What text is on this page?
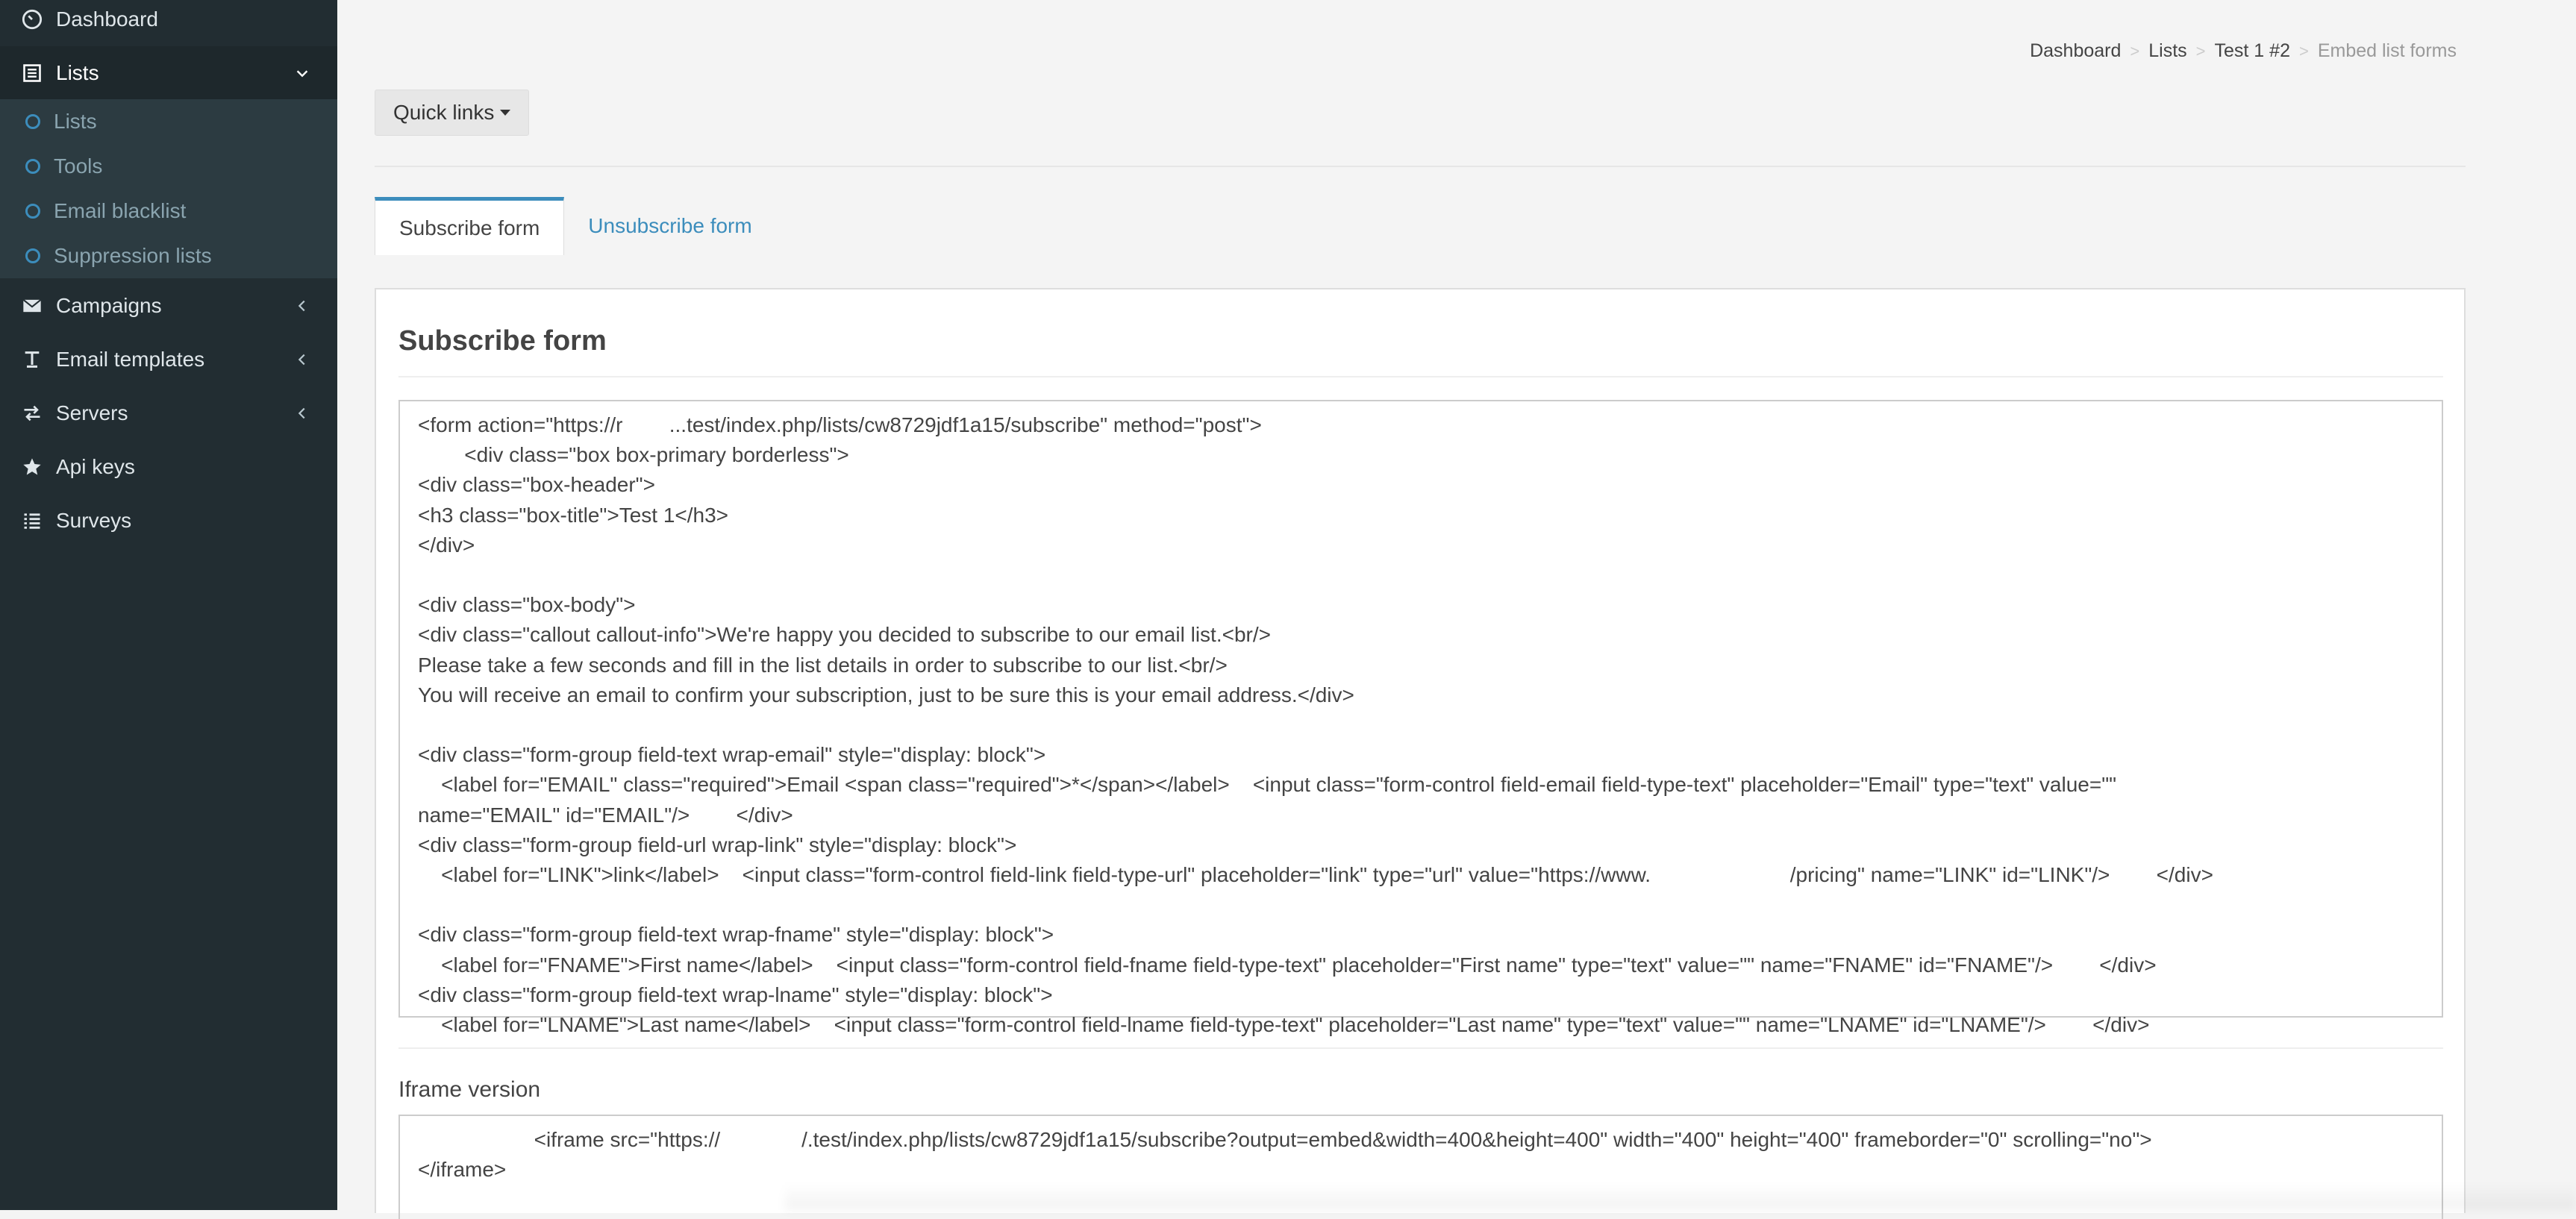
Dashboard
Lists
Lists
Tools
Email blacklist
Suppression lists
Campaigns
Email templates
Servers
Api keys
Surveys
Dashboard > Lists > Test 1 #2 > Embed list forms
Quick links
Subscribe form Unsubscribe form
Subscribe form
<form action="https://r        ...test/index.php/lists/cw8729jdf1a15/subscribe" method="post">
<div class="box box-primary borderless">
<div class="box-header">
<h3 class="box-title">Test 1</h3>
</div>

<div class="box-body">
<div class="callout callout-info">We're happy you decided to subscribe to our email list.<br/>
Please take a few seconds and fill in the list details in order to subscribe to our list.<br/>
You will receive an email to confirm your subscription, just to be sure this is your email address.</div>

<div class="form-group field-text wrap-email" style="display: block">
<label for="EMAIL" class="required">Email <span class="required">*</span></label>    <input class="form-control field-email field-type-text" placeholder="Email" type="text" value=""
name="EMAIL" id="EMAIL"/>        </div>
<div class="form-group field-url wrap-link" style="display: block">
<label for="LINK">link</label>    <input class="form-control field-link field-type-url" placeholder="link" type="url" value="https://www.                        /pricing" name="LINK" id="LINK"/>        </div>

<div class="form-group field-text wrap-fname" style="display: block">
<label for="FNAME">First name</label>    <input class="form-control field-fname field-type-text" placeholder="First name" type="text" value="" name="FNAME" id="FNAME"/>        </div>
<div class="form-group field-text wrap-lname" style="display: block">
<label for="LNAME">Last name</label>    <input class="form-control field-lname field-type-text" placeholder="Last name" type="text" value="" name="LNAME" id="LNAME"/>        </div>
Iframe version
<iframe src="https://              /.test/index.php/lists/cw8729jdf1a15/subscribe?output=embed&width=400&height=400" width="400" height="400" frameborder="0" scrolling="no">
</iframe>
